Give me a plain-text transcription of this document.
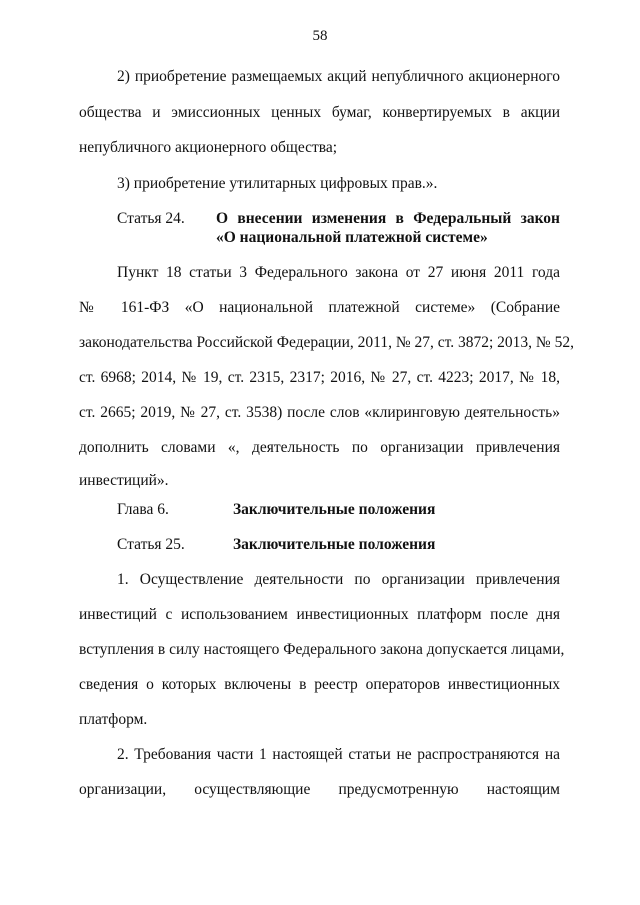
58
2) приобретение размещаемых акций непубличного акционерного
общества и эмиссионных ценных бумаг, конвертируемых в акции
непубличного акционерного общества;
3) приобретение утилитарных цифровых прав.».
Статья 24. О внесении изменения в Федеральный закон
«О национальной платежной системе»
Пункт 18 статьи 3 Федерального закона от 27 июня 2011 года
№ 161-ФЗ «О национальной платежной системе» (Собрание
законодательства Российской Федерации, 2011, № 27, ст. 3872; 2013, № 52,
ст. 6968; 2014, № 19, ст. 2315, 2317; 2016, № 27, ст. 4223; 2017, № 18,
ст. 2665; 2019, № 27, ст. 3538) после слов «клиринговую деятельность»
дополнить словами «, деятельность по организации привлечения
инвестиций».
Глава 6.	Заключительные положения
Статья 25.	Заключительные положения
1. Осуществление деятельности по организации привлечения
инвестиций с использованием инвестиционных платформ после дня
вступления в силу настоящего Федерального закона допускается лицами,
сведения о которых включены в реестр операторов инвестиционных
платформ.
2. Требования части 1 настоящей статьи не распространяются на
организации, осуществляющие предусмотренную настоящим
